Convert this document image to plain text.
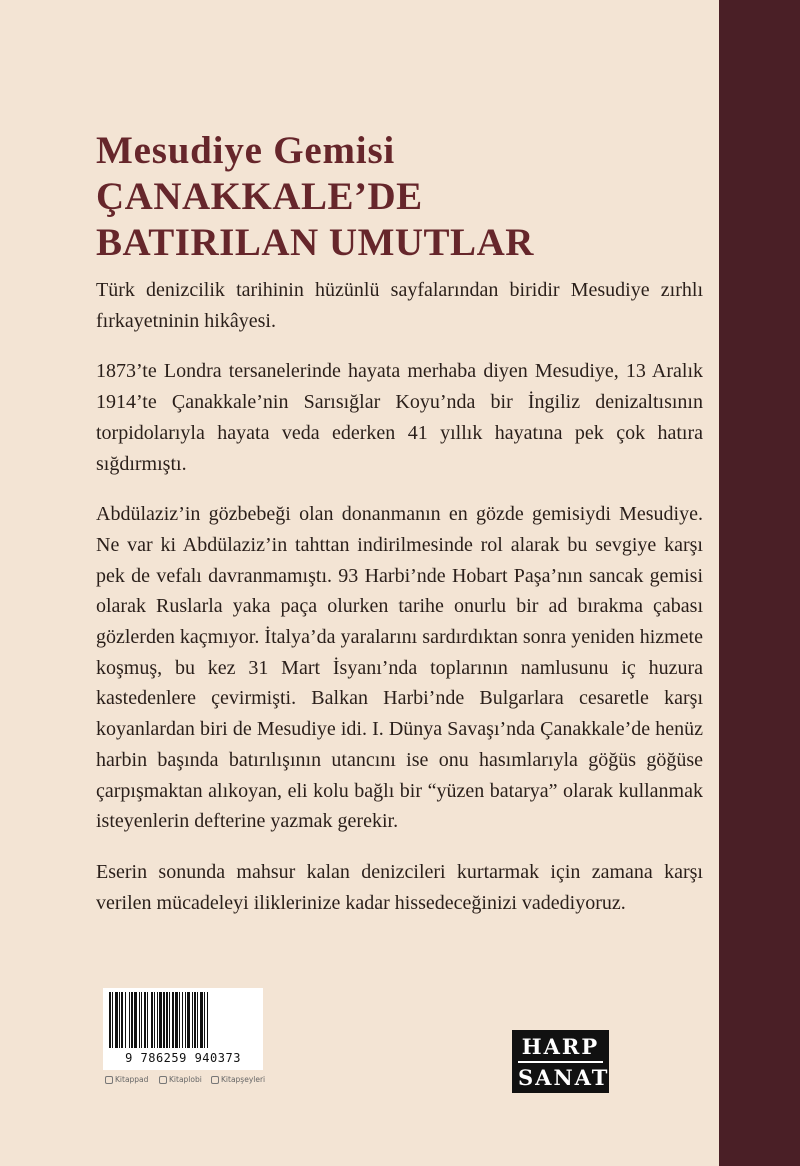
Mesudiye Gemisi
ÇANAKKALE’DE
BATIRILAN UMUTLAR

Türk denizcilik tarihinin hüzünlü sayfalarından biridir Mesudiye zırhlı fırkayetninin hikâyesi.

1873’te Londra tersanelerinde hayata merhaba diyen Mesudiye, 13 Aralık 1914’te Çanakkale’nin Sarısığlar Koyu’nda bir İngiliz denizaltısının torpidolarıyla hayata veda ederken 41 yıllık hayatına pek çok hatıra sığdırmıştı.

Abdülaziz’in gözbebeği olan donanmanın en gözde gemisiydi Mesudiye. Ne var ki Abdülaziz’in tahttan indirilmesinde rol alarak bu sevgiye karşı pek de vefalı davranmamıştı. 93 Harbi’nde Hobart Paşa’nın sancak gemisi olarak Ruslarla yaka paça olurken tarihe onurlu bir ad bırakma çabası gözlerden kaçmıyor. İtalya’da yaralarını sardırdıktan sonra yeniden hizmete koşmuş, bu kez 31 Mart İsyanı’nda toplarının namlusunu iç huzura kastedenlere çevirmişti. Balkan Harbi’nde Bulgarlara cesaretle karşı koyanlardan biri de Mesudiye idi. I. Dünya Savaşı’nda Çanakkale’de henüz harbin başında batırılışının utancını ise onu hasımlarıyla göğüs göğüse çarpışmaktan alıkoyan, eli kolu bağlı bir “yüzen batarya” olarak kullanmak isteyenlerin defterine yazmak gerekir.

Eserin sonunda mahsur kalan denizcileri kurtarmak için zamana karşı verilen mücadeleyi iliklerinize kadar hissedeceğinizi vadediyoruz.

9 786259 940373
Kitappad	Kitaplobi	Kitapşeyleri
HARP
SANAT
